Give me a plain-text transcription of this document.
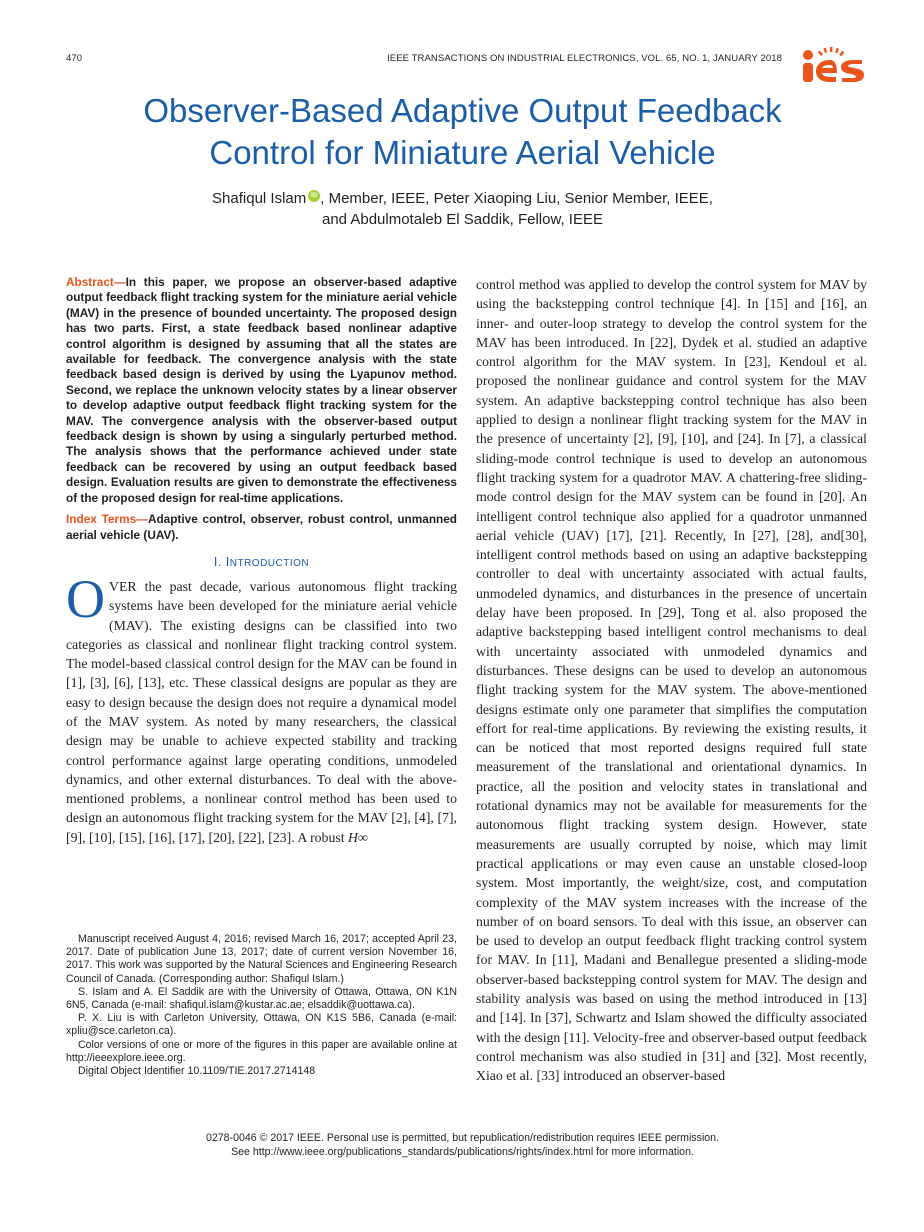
470	IEEE TRANSACTIONS ON INDUSTRIAL ELECTRONICS, VOL. 65, NO. 1, JANUARY 2018
Observer-Based Adaptive Output Feedback
Control for Miniature Aerial Vehicle
Shafiqul Islam iD , Member, IEEE, Peter Xiaoping Liu, Senior Member, IEEE,
and Abdulmotaleb El Saddik, Fellow, IEEE

Abstract—In this paper, we propose an observer-based adaptive output feedback flight tracking system for the miniature aerial vehicle (MAV) in the presence of bounded uncertainty. The proposed design has two parts. First, a state feedback based nonlinear adaptive control algorithm is designed by assuming that all the states are available for feedback. The convergence analysis with the state feedback based design is derived by using the Lyapunov method. Second, we replace the unknown velocity states by a linear observer to develop adaptive output feedback flight tracking system for the MAV. The convergence analysis with the observer-based output feedback design is shown by using a singularly perturbed method. The analysis shows that the performance achieved under state feedback can be recovered by using an output feedback based design. Evaluation results are given to demonstrate the effectiveness of the proposed design for real-time applications.

Index Terms—Adaptive control, observer, robust control, unmanned aerial vehicle (UAV).

I. INTRODUCTION

OVER the past decade, various autonomous flight tracking systems have been developed for the miniature aerial vehicle (MAV). The existing designs can be classified into two categories as classical and nonlinear flight tracking control system. The model-based classical control design for the MAV can be found in [1], [3], [6], [13], etc. These classical designs are popular as they are easy to design because the design does not require a dynamical model of the MAV system. As noted by many researchers, the classical design may be unable to achieve expected stability and tracking control performance against large operating conditions, unmodeled dynamics, and other external disturbances. To deal with the above-mentioned problems, a nonlinear control method has been used to design an autonomous flight tracking system for the MAV [2], [4], [7], [9], [10], [15], [16], [17], [20], [22], [23]. A robust H∞

control method was applied to develop the control system for MAV by using the backstepping control technique [4]. In [15] and [16], an inner- and outer-loop strategy to develop the control system for the MAV has been introduced. In [22], Dydek et al. studied an adaptive control algorithm for the MAV system. In [23], Kendoul et al. proposed the nonlinear guidance and control system for the MAV system. An adaptive backstepping control technique has also been applied to design a nonlinear flight tracking system for the MAV in the presence of uncertainty [2], [9], [10], and [24]. In [7], a classical sliding-mode control technique is used to develop an autonomous flight tracking system for a quadrotor MAV. A chattering-free sliding-mode control design for the MAV system can be found in [20]. An intelligent control technique also applied for a quadrotor unmanned aerial vehicle (UAV) [17], [21]. Recently, In [27], [28], and[30], intelligent control methods based on using an adaptive backstepping controller to deal with uncertainty associated with actual faults, unmodeled dynamics, and disturbances in the presence of uncertain delay have been proposed. In [29], Tong et al. also proposed the adaptive backstepping based intelligent control mechanisms to deal with uncertainty associated with unmodeled dynamics and disturbances. These designs can be used to develop an autonomous flight tracking system for the MAV system. The above-mentioned designs estimate only one parameter that simplifies the computation effort for real-time applications. By reviewing the existing results, it can be noticed that most reported designs required full state measurement of the translational and orientational dynamics. In practice, all the position and velocity states in translational and rotational dynamics may not be available for measurements for the autonomous flight tracking system design. However, state measurements are usually corrupted by noise, which may limit practical applications or may even cause an unstable closed-loop system. Most importantly, the weight/size, cost, and computation complexity of the MAV system increases with the increase of the number of on board sensors. To deal with this issue, an observer can be used to develop an output feedback flight tracking control system for MAV. In [11], Madani and Benallegue presented a sliding-mode observer-based backstepping control system for MAV. The design and stability analysis was based on using the method introduced in [13] and [14]. In [37], Schwartz and Islam showed the difficulty associated with the design [11]. Velocity-free and observer-based output feedback control mechanism was also studied in [31] and [32]. Most recently, Xiao et al. [33] introduced an observer-based

Manuscript received August 4, 2016; revised March 16, 2017; accepted April 23, 2017. Date of publication June 13, 2017; date of current version November 16, 2017. This work was supported by the Natural Sciences and Engineering Research Council of Canada. (Corresponding author: Shafiqul Islam.)

S. Islam and A. El Saddik are with the University of Ottawa, Ottawa, ON K1N 6N5, Canada (e-mail: shafiqul.islam@kustar.ac.ae; elsaddik@uottawa.ca).

P. X. Liu is with Carleton University, Ottawa, ON K1S 5B6, Canada (e-mail: xpliu@sce.carleton.ca).

Color versions of one or more of the figures in this paper are available online at http://ieeexplore.ieee.org.

Digital Object Identifier 10.1109/TIE.2017.2714148

0278-0046 © 2017 IEEE. Personal use is permitted, but republication/redistribution requires IEEE permission.
See http://www.ieee.org/publications_standards/publications/rights/index.html for more information.
